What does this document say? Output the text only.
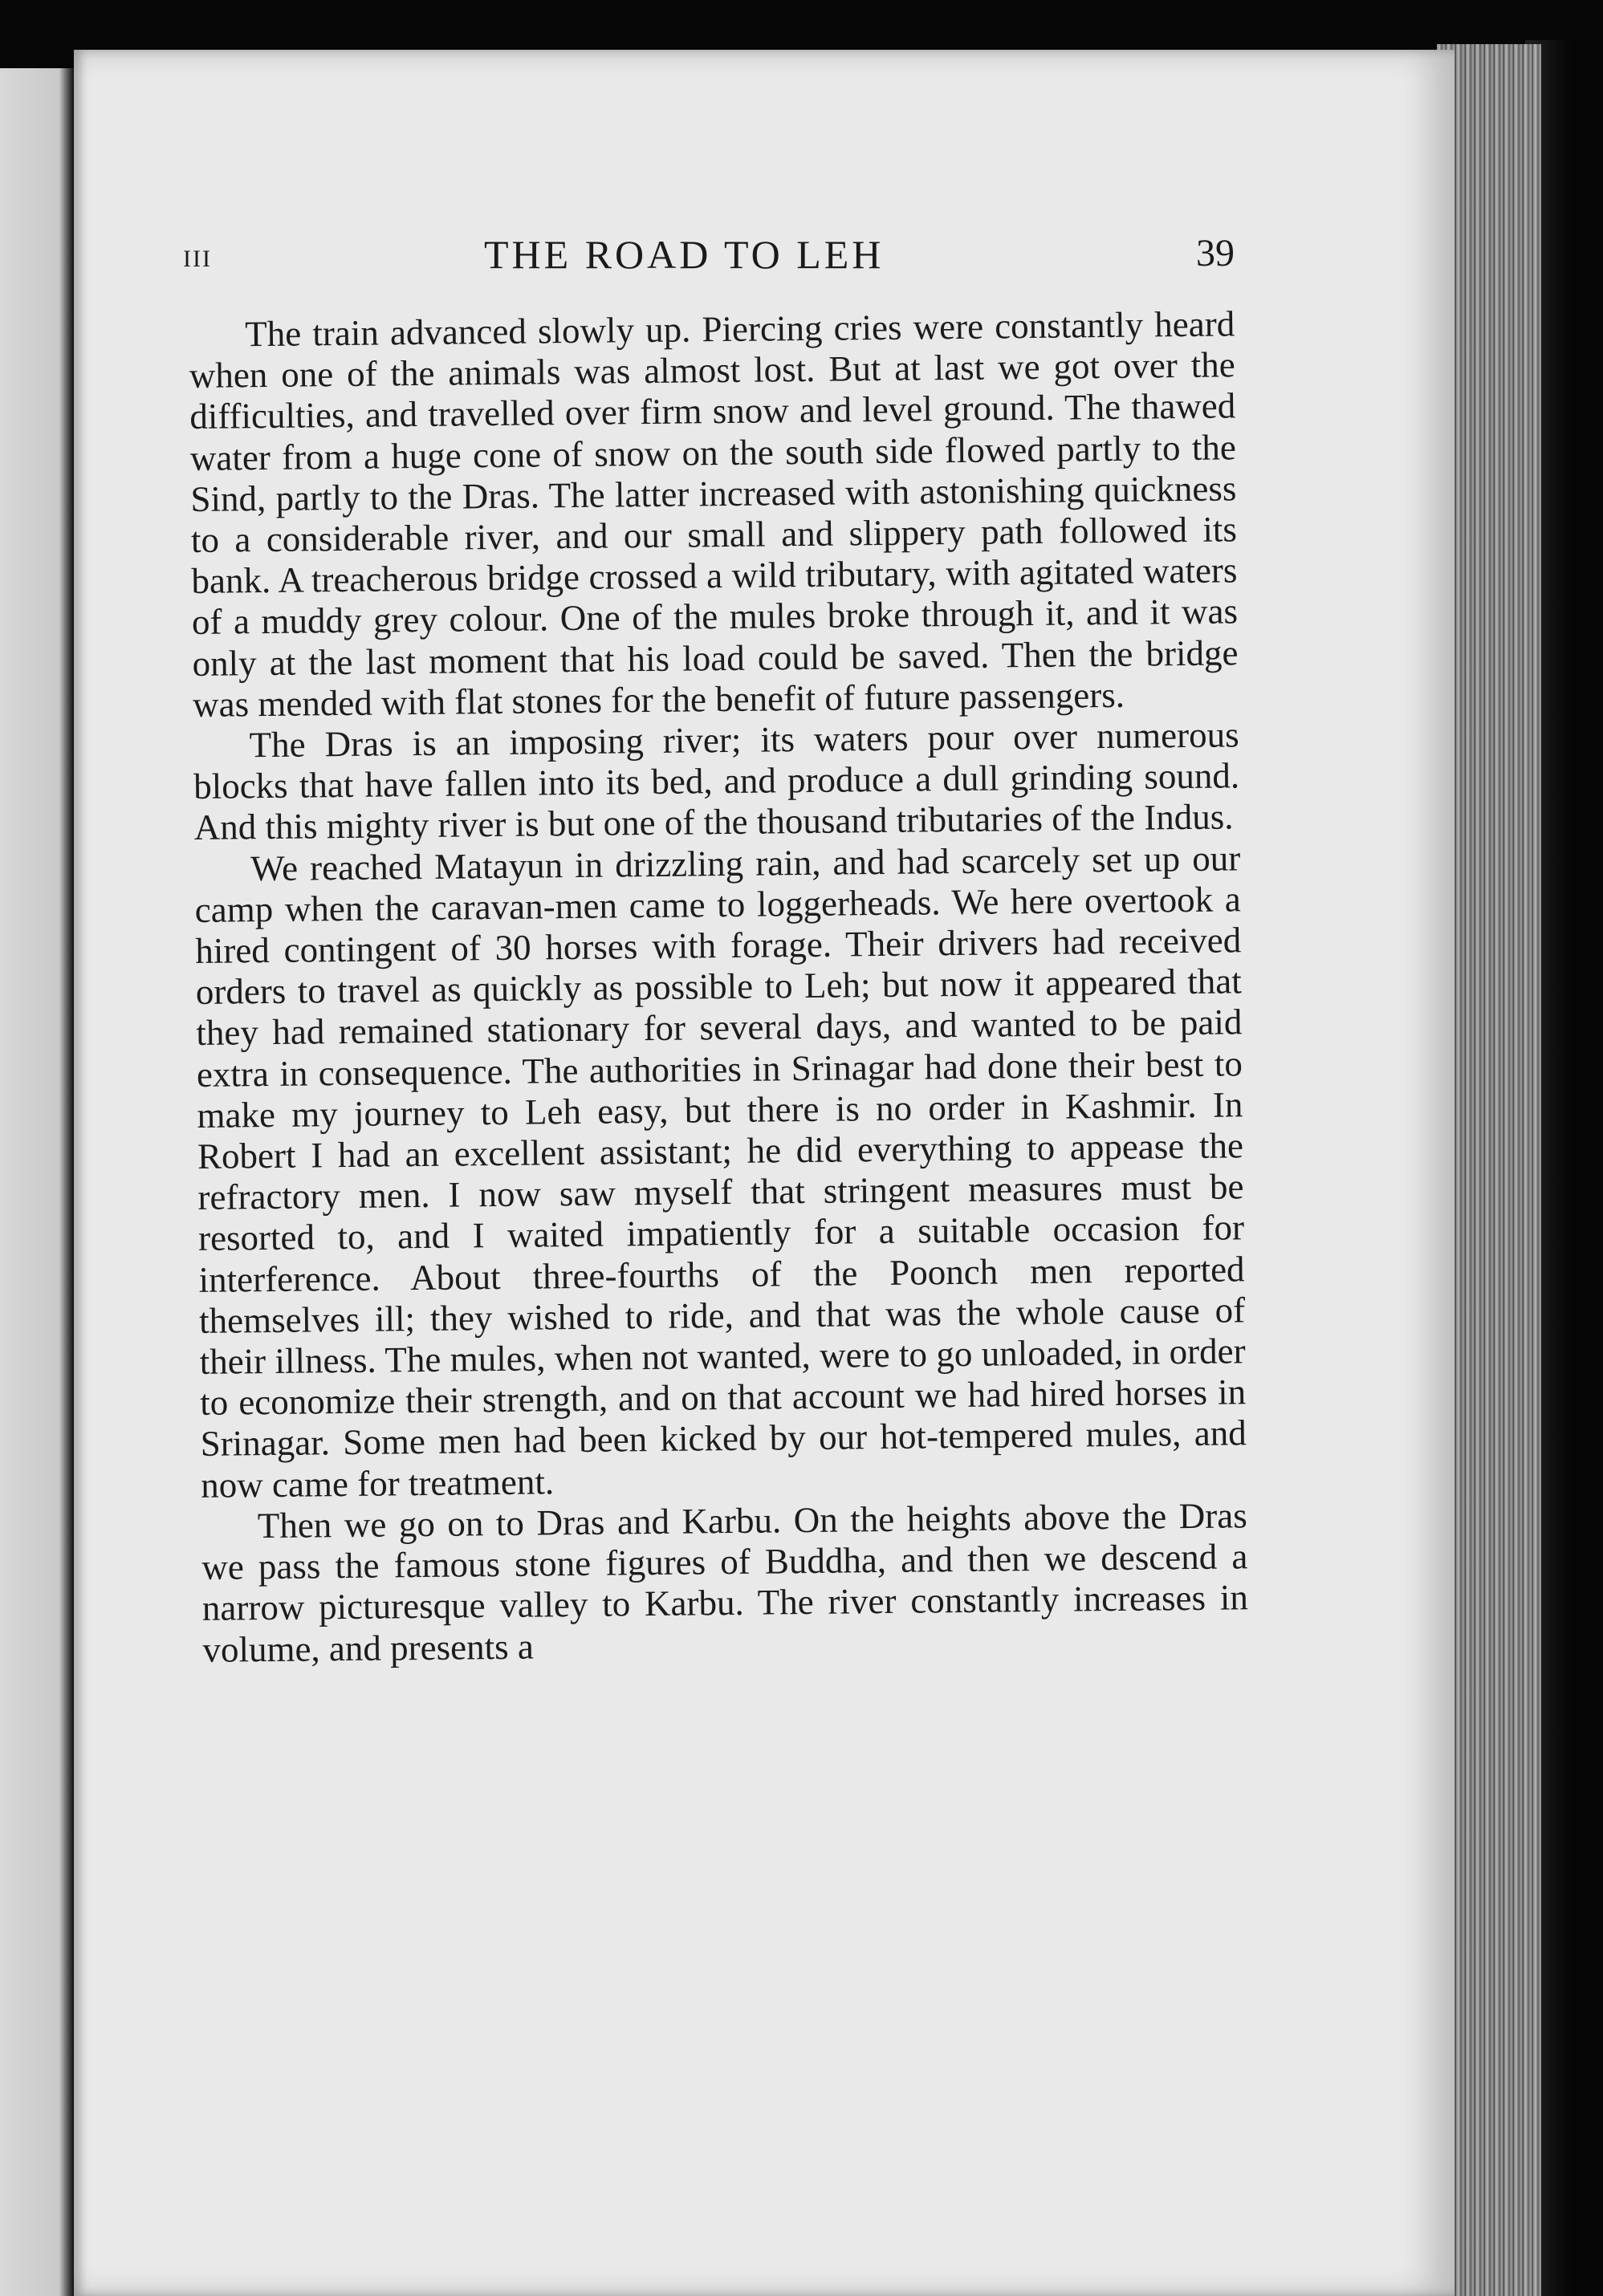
III	THE ROAD TO LEH	39

The train advanced slowly up. Piercing cries were constantly heard when one of the animals was almost lost. But at last we got over the difficulties, and travelled over firm snow and level ground. The thawed water from a huge cone of snow on the south side flowed partly to the Sind, partly to the Dras. The latter increased with astonishing quickness to a considerable river, and our small and slippery path followed its bank. A treacherous bridge crossed a wild tributary, with agitated waters of a muddy grey colour. One of the mules broke through it, and it was only at the last moment that his load could be saved. Then the bridge was mended with flat stones for the benefit of future passengers.

The Dras is an imposing river; its waters pour over numerous blocks that have fallen into its bed, and produce a dull grinding sound. And this mighty river is but one of the thousand tributaries of the Indus.

We reached Matayun in drizzling rain, and had scarcely set up our camp when the caravan-men came to loggerheads. We here overtook a hired contingent of 30 horses with forage. Their drivers had received orders to travel as quickly as possible to Leh; but now it appeared that they had remained stationary for several days, and wanted to be paid extra in consequence. The authorities in Srinagar had done their best to make my journey to Leh easy, but there is no order in Kashmir. In Robert I had an excellent assistant; he did everything to appease the refractory men. I now saw myself that stringent measures must be resorted to, and I waited impatiently for a suitable occasion for interference. About three-fourths of the Poonch men reported themselves ill; they wished to ride, and that was the whole cause of their illness. The mules, when not wanted, were to go unloaded, in order to economize their strength, and on that account we had hired horses in Srinagar. Some men had been kicked by our hot-tempered mules, and now came for treatment.

Then we go on to Dras and Karbu. On the heights above the Dras we pass the famous stone figures of Buddha, and then we descend a narrow picturesque valley to Karbu. The river constantly increases in volume, and presents a
